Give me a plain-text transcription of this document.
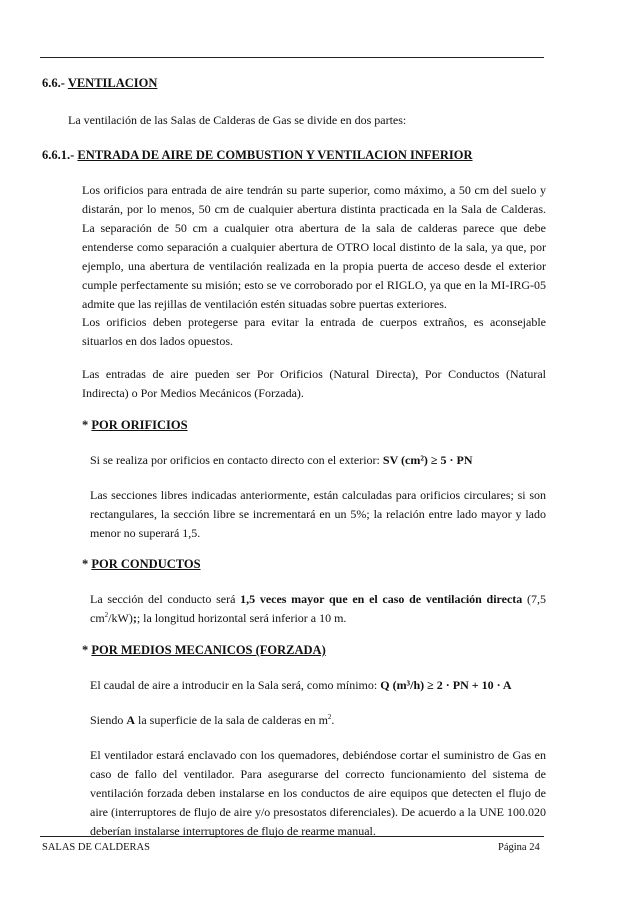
6.6.- VENTILACION
La ventilación de las Salas de Calderas de Gas se divide en dos partes:
6.6.1.- ENTRADA DE AIRE DE COMBUSTION Y VENTILACION INFERIOR
Los orificios para entrada de aire tendrán su parte superior, como máximo, a 50 cm del suelo y distarán, por lo menos, 50 cm de cualquier abertura distinta practicada en la Sala de Calderas. La separación de 50 cm a cualquier otra abertura de la sala de calderas parece que debe entenderse como separación a cualquier abertura de OTRO local distinto de la sala, ya que, por ejemplo, una abertura de ventilación realizada en la propia puerta de acceso desde el exterior cumple perfectamente su misión; esto se ve corroborado por el RIGLO, ya que en la MI-IRG-05 admite que las rejillas de ventilación estén situadas sobre puertas exteriores.
Los orificios deben protegerse para evitar la entrada de cuerpos extraños, es aconsejable situarlos en dos lados opuestos.
Las entradas de aire pueden ser Por Orificios (Natural Directa), Por Conductos (Natural Indirecta) o Por Medios Mecánicos (Forzada).
* POR ORIFICIOS
Si se realiza por orificios en contacto directo con el exterior: SV (cm²) ≥ 5 · PN
Las secciones libres indicadas anteriormente, están calculadas para orificios circulares; si son rectangulares, la sección libre se incrementará en un 5%; la relación entre lado mayor y lado menor no superará 1,5.
* POR CONDUCTOS
La sección del conducto será 1,5 veces mayor que en el caso de ventilación directa (7,5 $cm^2/kW$);; la longitud horizontal será inferior a 10 m.
* POR MEDIOS MECANICOS (FORZADA)
El caudal de aire a introducir en la Sala será, como mínimo: Q (m³/h) ≥ 2 · PN + 10 · A
Siendo A la superficie de la sala de calderas en $m^2$.
El ventilador estará enclavado con los quemadores, debiéndose cortar el suministro de Gas en caso de fallo del ventilador. Para asegurarse del correcto funcionamiento del sistema de ventilación forzada deben instalarse en los conductos de aire equipos que detecten el flujo de aire (interruptores de flujo de aire y/o presostatos diferenciales). De acuerdo a la UNE 100.020 deberían instalarse interruptores de flujo de rearme manual.
SALAS DE CALDERAS	Página 24
